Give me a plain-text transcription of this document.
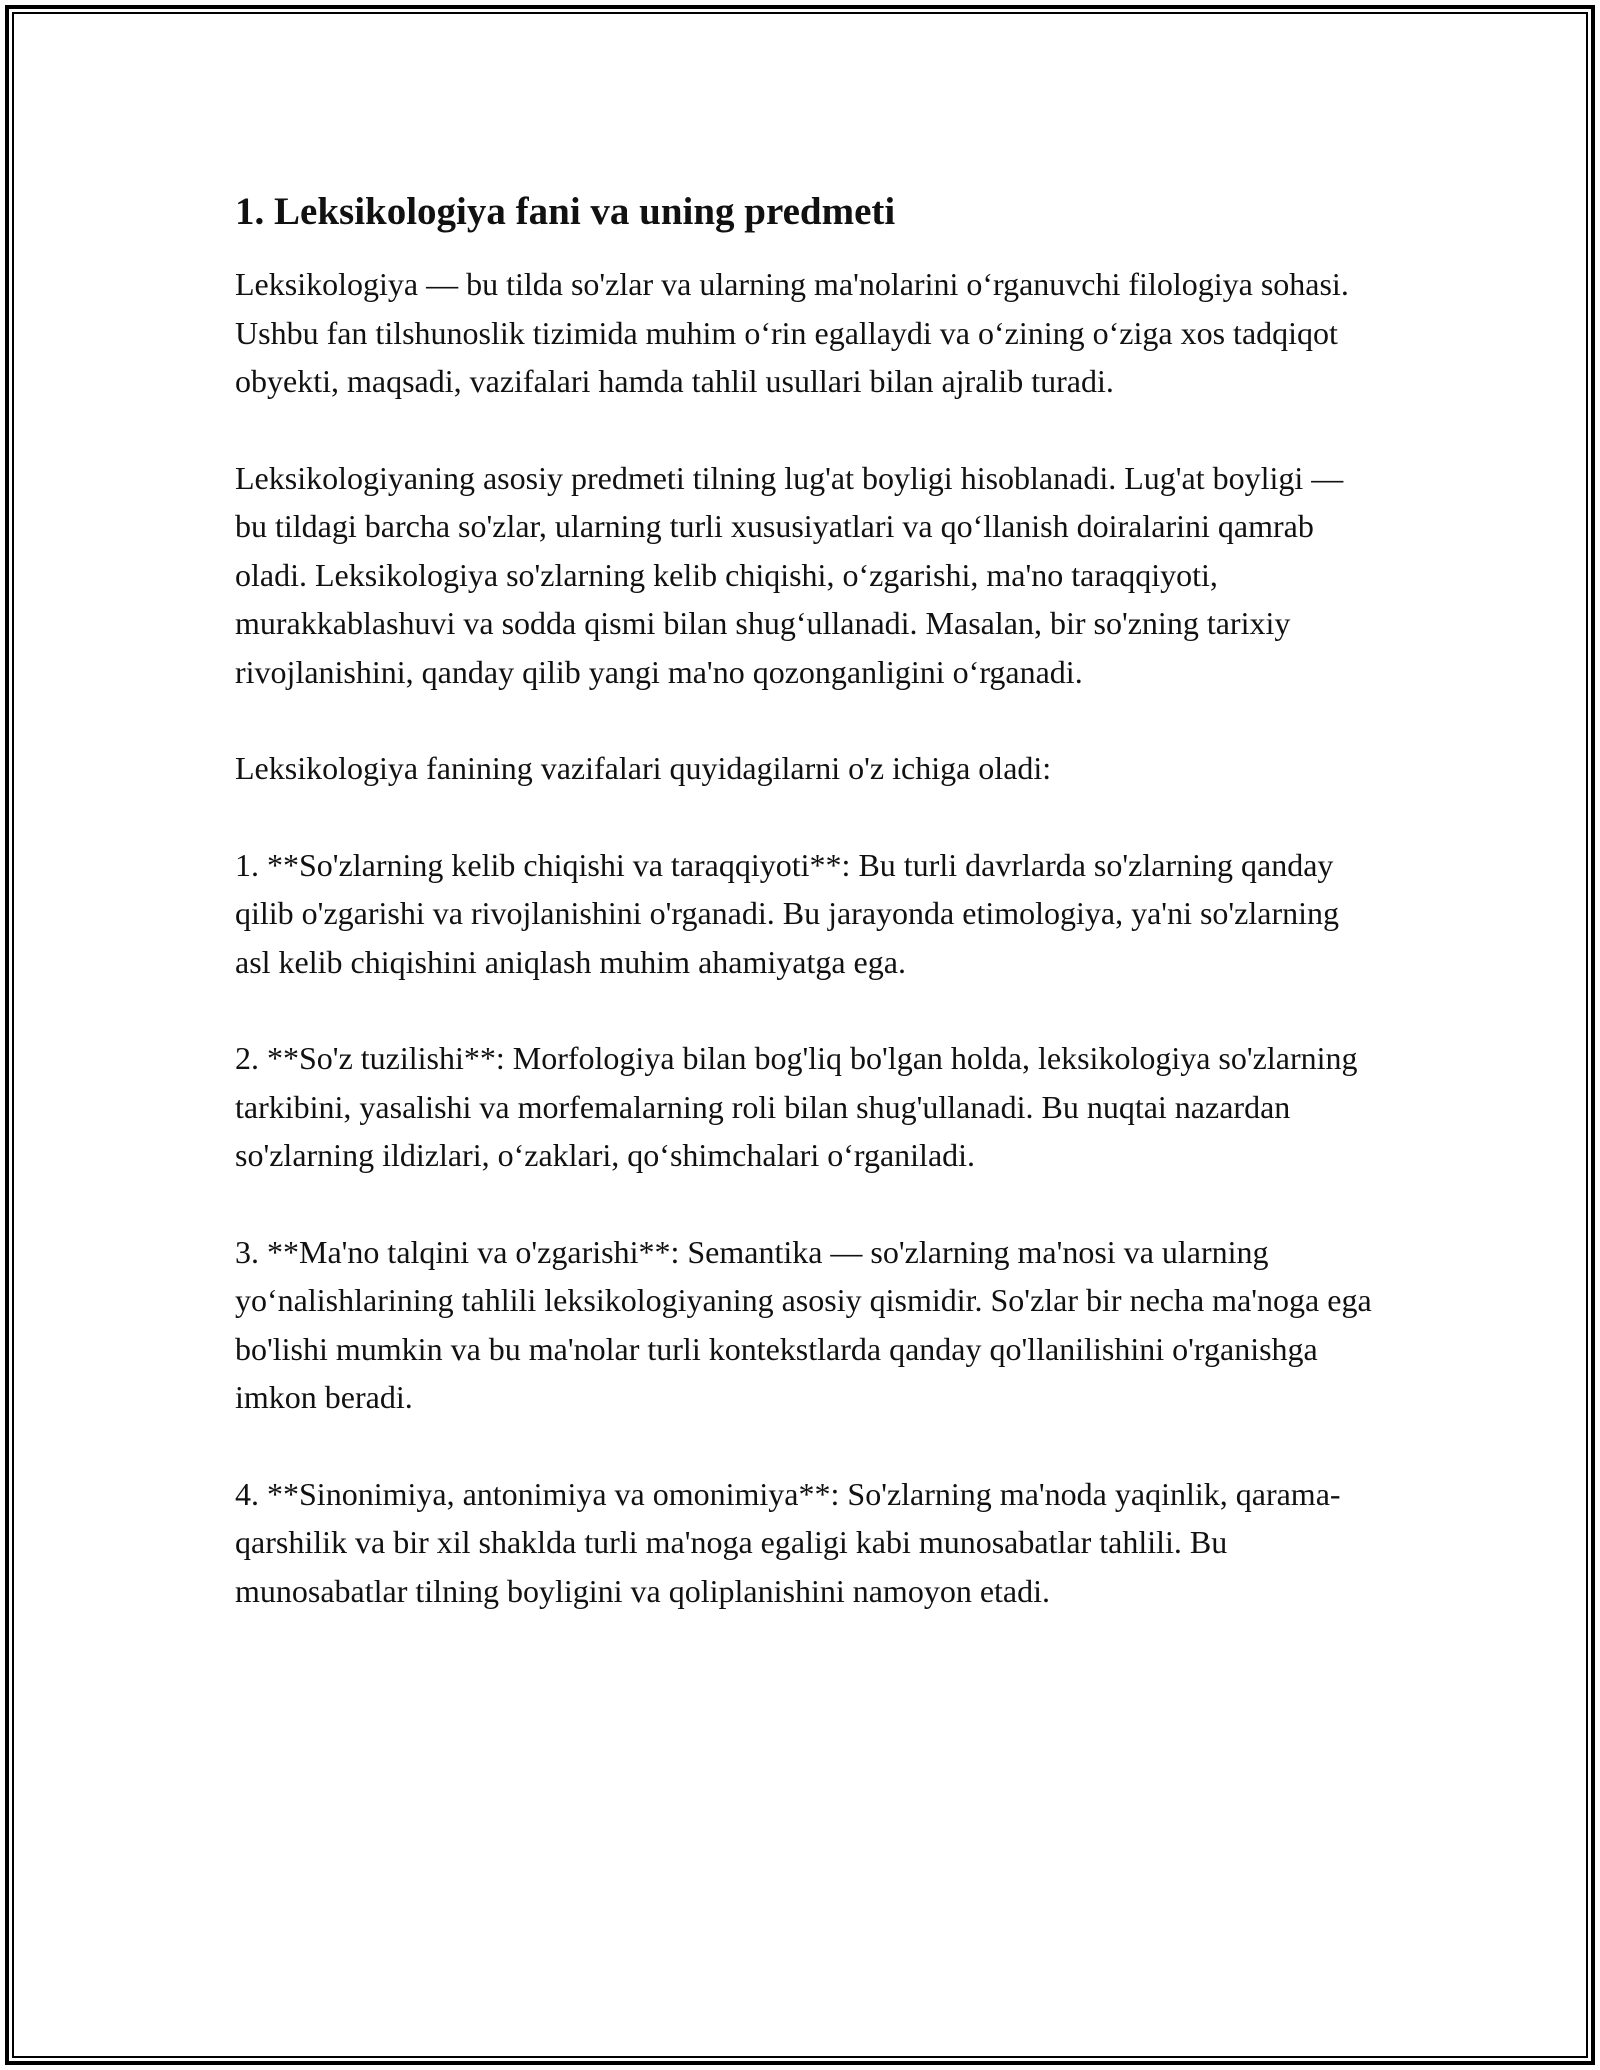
1. Leksikologiya fani va uning predmeti

Leksikologiya — bu tilda so'zlar va ularning ma'nolarini o‘rganuvchi filologiya sohasi. Ushbu fan tilshunoslik tizimida muhim o‘rin egallaydi va o‘zining o‘ziga xos tadqiqot obyekti, maqsadi, vazifalari hamda tahlil usullari bilan ajralib turadi.

Leksikologiyaning asosiy predmeti tilning lug'at boyligi hisoblanadi. Lug'at boyligi — bu tildagi barcha so'zlar, ularning turli xususiyatlari va qo‘llanish doiralarini qamrab oladi. Leksikologiya so'zlarning kelib chiqishi, o‘zgarishi, ma'no taraqqiyoti, murakkablashuvi va sodda qismi bilan shug‘ullanadi. Masalan, bir so'zning tarixiy rivojlanishini, qanday qilib yangi ma'no qozonganligini o‘rganadi.

Leksikologiya fanining vazifalari quyidagilarni o'z ichiga oladi:

1. **So'zlarning kelib chiqishi va taraqqiyoti**: Bu turli davrlarda so'zlarning qanday qilib o'zgarishi va rivojlanishini o'rganadi. Bu jarayonda etimologiya, ya'ni so'zlarning asl kelib chiqishini aniqlash muhim ahamiyatga ega.

2. **So'z tuzilishi**: Morfologiya bilan bog'liq bo'lgan holda, leksikologiya so'zlarning tarkibini, yasalishi va morfemalarning roli bilan shug'ullanadi. Bu nuqtai nazardan so'zlarning ildizlari, o‘zaklari, qo‘shimchalari o‘rganiladi.

3. **Ma'no talqini va o'zgarishi**: Semantika — so'zlarning ma'nosi va ularning yo‘nalishlarining tahlili leksikologiyaning asosiy qismidir. So'zlar bir necha ma'noga ega bo'lishi mumkin va bu ma'nolar turli kontekstlarda qanday qo'llanilishini o'rganishga imkon beradi.

4. **Sinonimiya, antonimiya va omonimiya**: So'zlarning ma'noda yaqinlik, qarama-qarshilik va bir xil shaklda turli ma'noga egaligi kabi munosabatlar tahlili. Bu munosabatlar tilning boyligini va qoliplanishini namoyon etadi.
